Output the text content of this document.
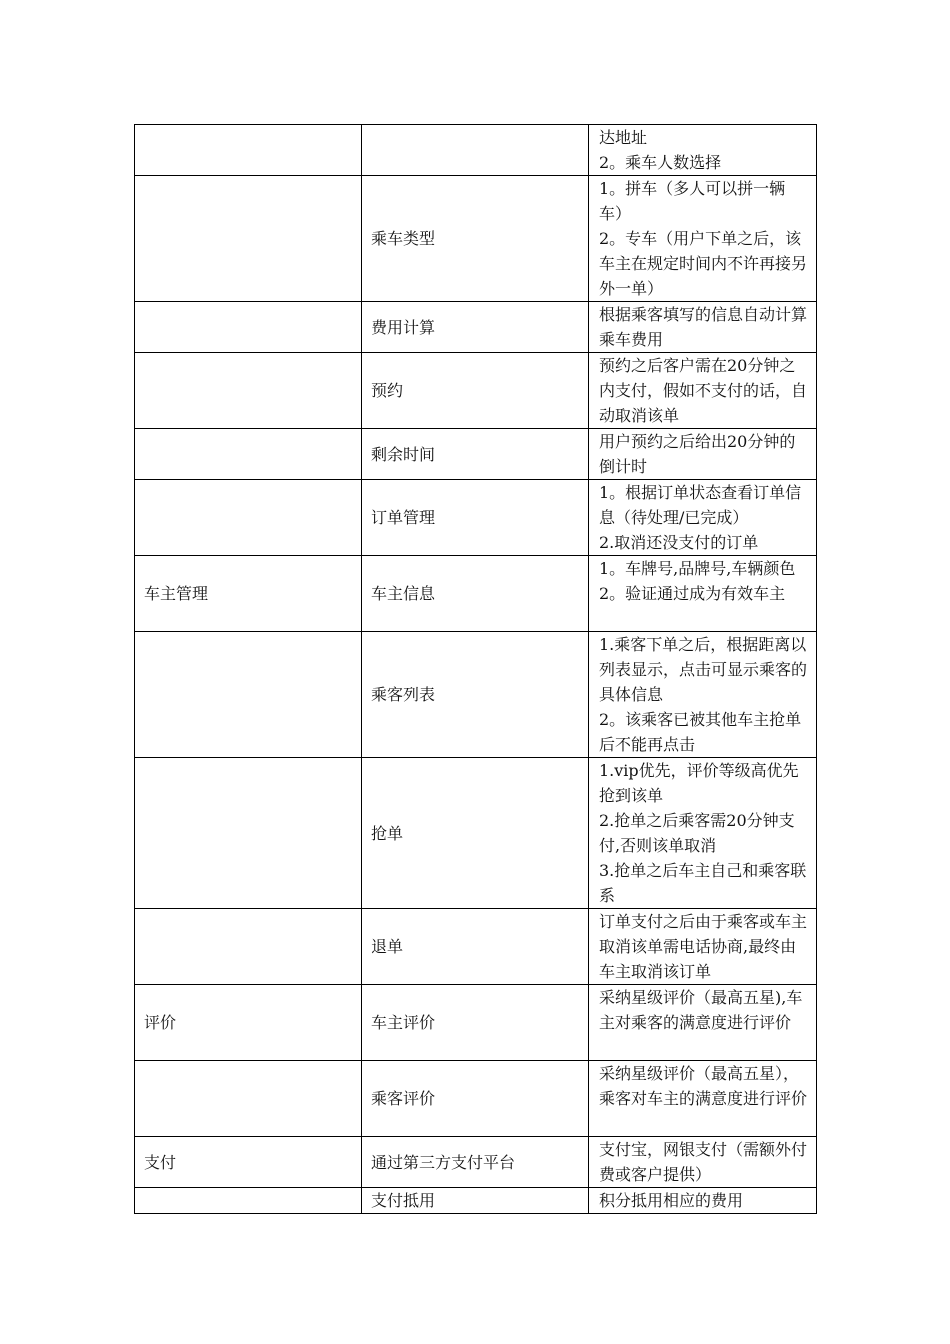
		达地址
2。乘车人数选择

	乘车类型	1。拼车（多人可以拼一辆车）
2。专车（用户下单之后，该车主在规定时间内不许再接另外一单）

	费用计算	根据乘客填写的信息自动计算乘车费用

	预约	预约之后客户需在20分钟之内支付，假如不支付的话，自动取消该单

	剩余时间	用户预约之后给出20分钟的倒计时

	订单管理	1。根据订单状态查看订单信息（待处理/已完成）
2.取消还没支付的订单

车主管理	车主信息	1。车牌号,品牌号,车辆颜色
2。验证通过成为有效车主

	乘客列表	1.乘客下单之后，根据距离以列表显示，点击可显示乘客的具体信息
2。该乘客已被其他车主抢单后不能再点击

	抢单	1.vip优先，评价等级高优先抢到该单
2.抢单之后乘客需20分钟支付,否则该单取消
3.抢单之后车主自己和乘客联系

	退单	订单支付之后由于乘客或车主取消该单需电话协商,最终由车主取消该订单

评价	车主评价	采纳星级评价（最高五星),车主对乘客的满意度进行评价

	乘客评价	采纳星级评价（最高五星），乘客对车主的满意度进行评价

支付	通过第三方支付平台	支付宝，网银支付（需额外付费或客户提供）

	支付抵用	积分抵用相应的费用
